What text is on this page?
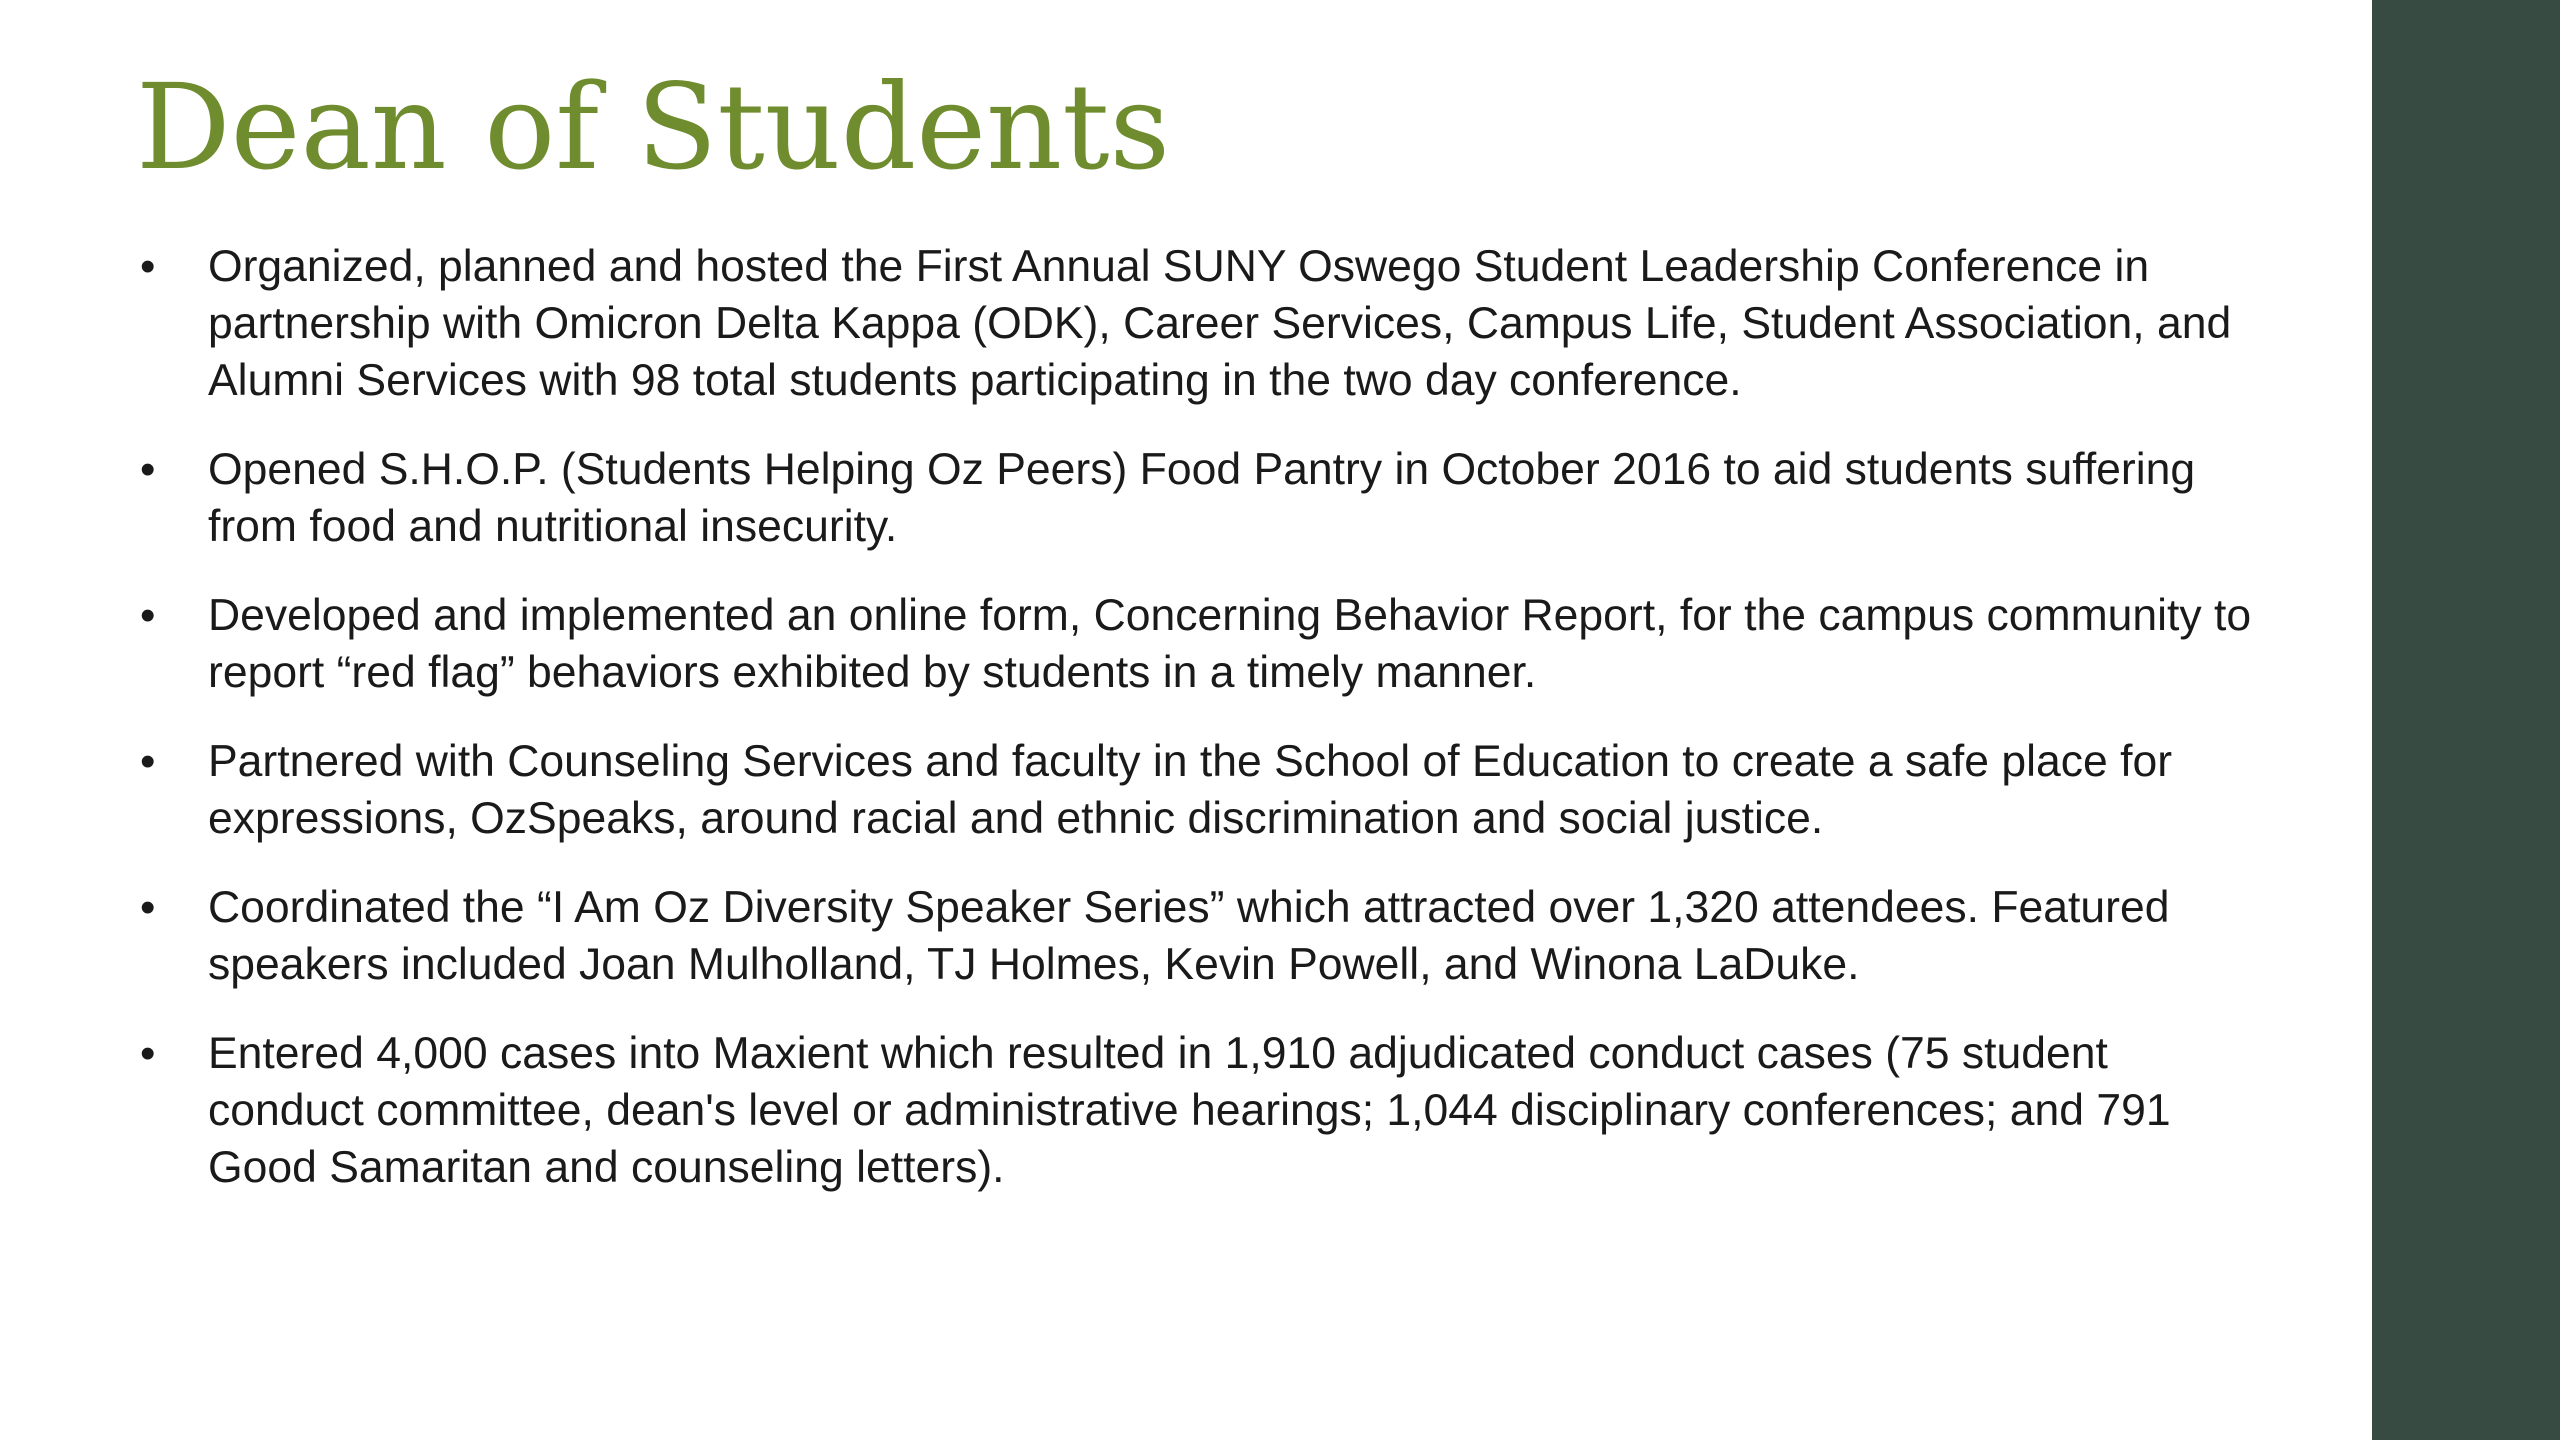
Dean of Students
• Organized, planned and hosted the First Annual SUNY Oswego Student Leadership Conference in partnership with Omicron Delta Kappa (ODK), Career Services, Campus Life, Student Association, and Alumni Services with 98 total students participating in the two day conference.
• Opened S.H.O.P. (Students Helping Oz Peers) Food Pantry in October 2016 to aid students suffering from food and nutritional insecurity.
• Developed and implemented an online form, Concerning Behavior Report, for the campus community to report “red flag” behaviors exhibited by students in a timely manner.
• Partnered with Counseling Services and faculty in the School of Education to create a safe place for expressions, OzSpeaks, around racial and ethnic discrimination and social justice.
• Coordinated the “I Am Oz Diversity Speaker Series” which attracted over 1,320 attendees. Featured speakers included Joan Mulholland, TJ Holmes, Kevin Powell, and Winona LaDuke.
• Entered 4,000 cases into Maxient which resulted in 1,910 adjudicated conduct cases (75 student conduct committee, dean's level or administrative hearings; 1,044 disciplinary conferences; and 791 Good Samaritan and counseling letters).
